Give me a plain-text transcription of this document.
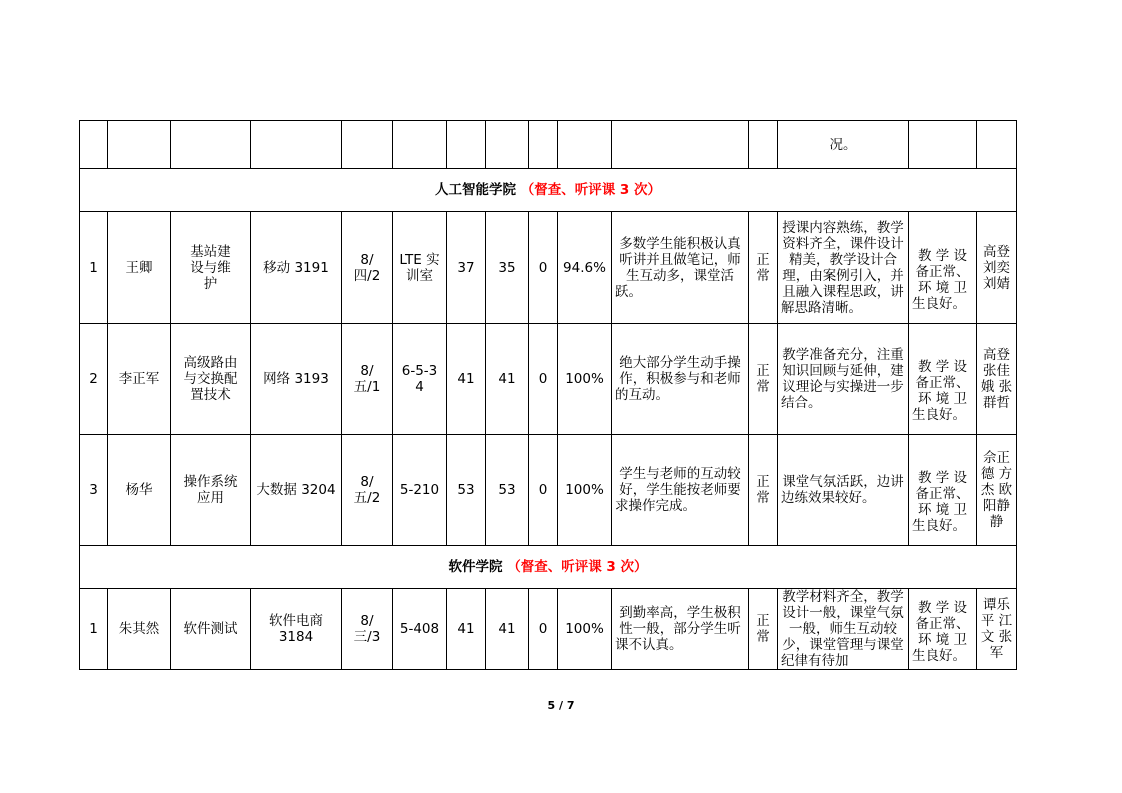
												况。		
人工智能学院 （督查、听评课 3 次）														
1	王卿	基站建设与维护	移动 3191	8/四/2	LTE 实训室	37	35	0	94.6%	多数学生能积极认真听讲并且做笔记，师生互动多，课堂活跃。	正常	授课内容熟练，教学资料齐全，课件设计精美，教学设计合理，由案例引入，并且融入课程思政，讲解思路清晰。	教 学 设备正常、环 境 卫生良好。	高登 刘奕 刘婧
2	李正军	高级路由与交换配置技术	网络 3193	8/五/1	6-5-34	41	41	0	100%	绝大部分学生动手操作，积极参与和老师的互动。	正常	教学准备充分，注重知识回顾与延伸，建议理论与实操进一步结合。	教 学 设备正常、环 境 卫生良好。	高登 张佳娥 张群哲
3	杨华	操作系统应用	大数据 3204	8/五/2	5-210	53	53	0	100%	学生与老师的互动较好，学生能按老师要求操作完成。	正常	课堂气氛活跃，边讲边练效果较好。	教 学 设备正常、环 境 卫生良好。	佘正德 方杰 欧阳静 静
软件学院 （督查、听评课 3 次）														
1	朱其然	软件测试	软件电商 3184	8/三/3	5-408	41	41	0	100%	到勤率高，学生极积性一般，部分学生听课不认真。	正常	教学材料齐全，教学设计一般，课堂气氛一般，师生互动较少，课堂管理与课堂纪律有待加	教 学 设备正常、环 境 卫生良好。	谭乐平 江文 张军
5 / 7
